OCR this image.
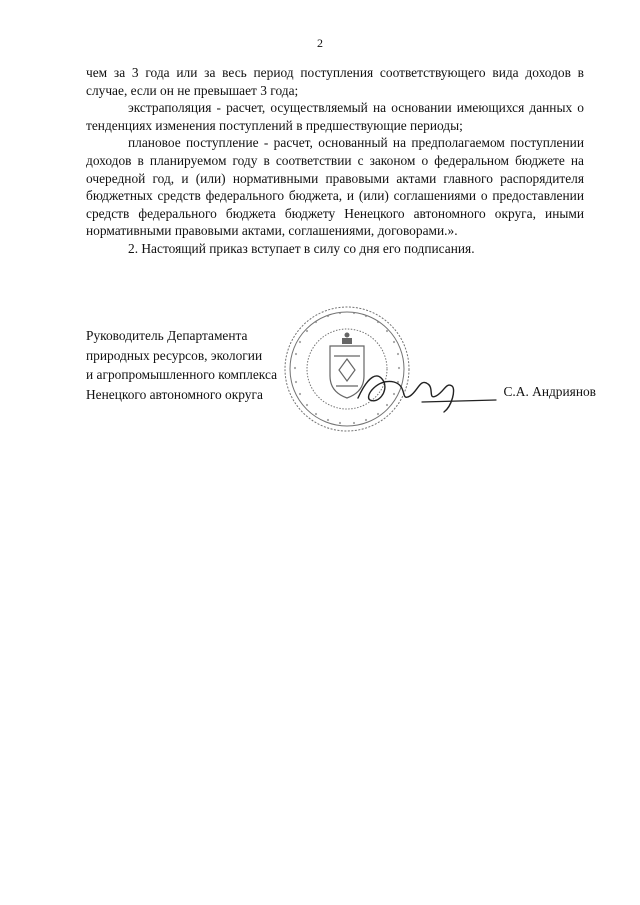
2

чем за 3 года или за весь период поступления соответствующего вида доходов в случае, если он не превышает 3 года;

экстраполяция - расчет, осуществляемый на основании имеющихся данных о тенденциях изменения поступлений в предшествующие периоды;

плановое поступление - расчет, основанный на предполагаемом поступлении доходов в планируемом году в соответствии с законом о федеральном бюджете на очередной год, и (или) нормативными правовыми актами главного распорядителя бюджетных средств федерального бюджета, и (или) соглашениями о предоставлении средств федерального бюджета бюджету Ненецкого автономного округа, иными нормативными правовыми актами, соглашениями, договорами.».

2. Настоящий приказ вступает в силу со дня его подписания.

Руководитель Департамента
природных ресурсов, экологии
и агропромышленного комплекса
Ненецкого автономного округа	С.А. Андриянов
